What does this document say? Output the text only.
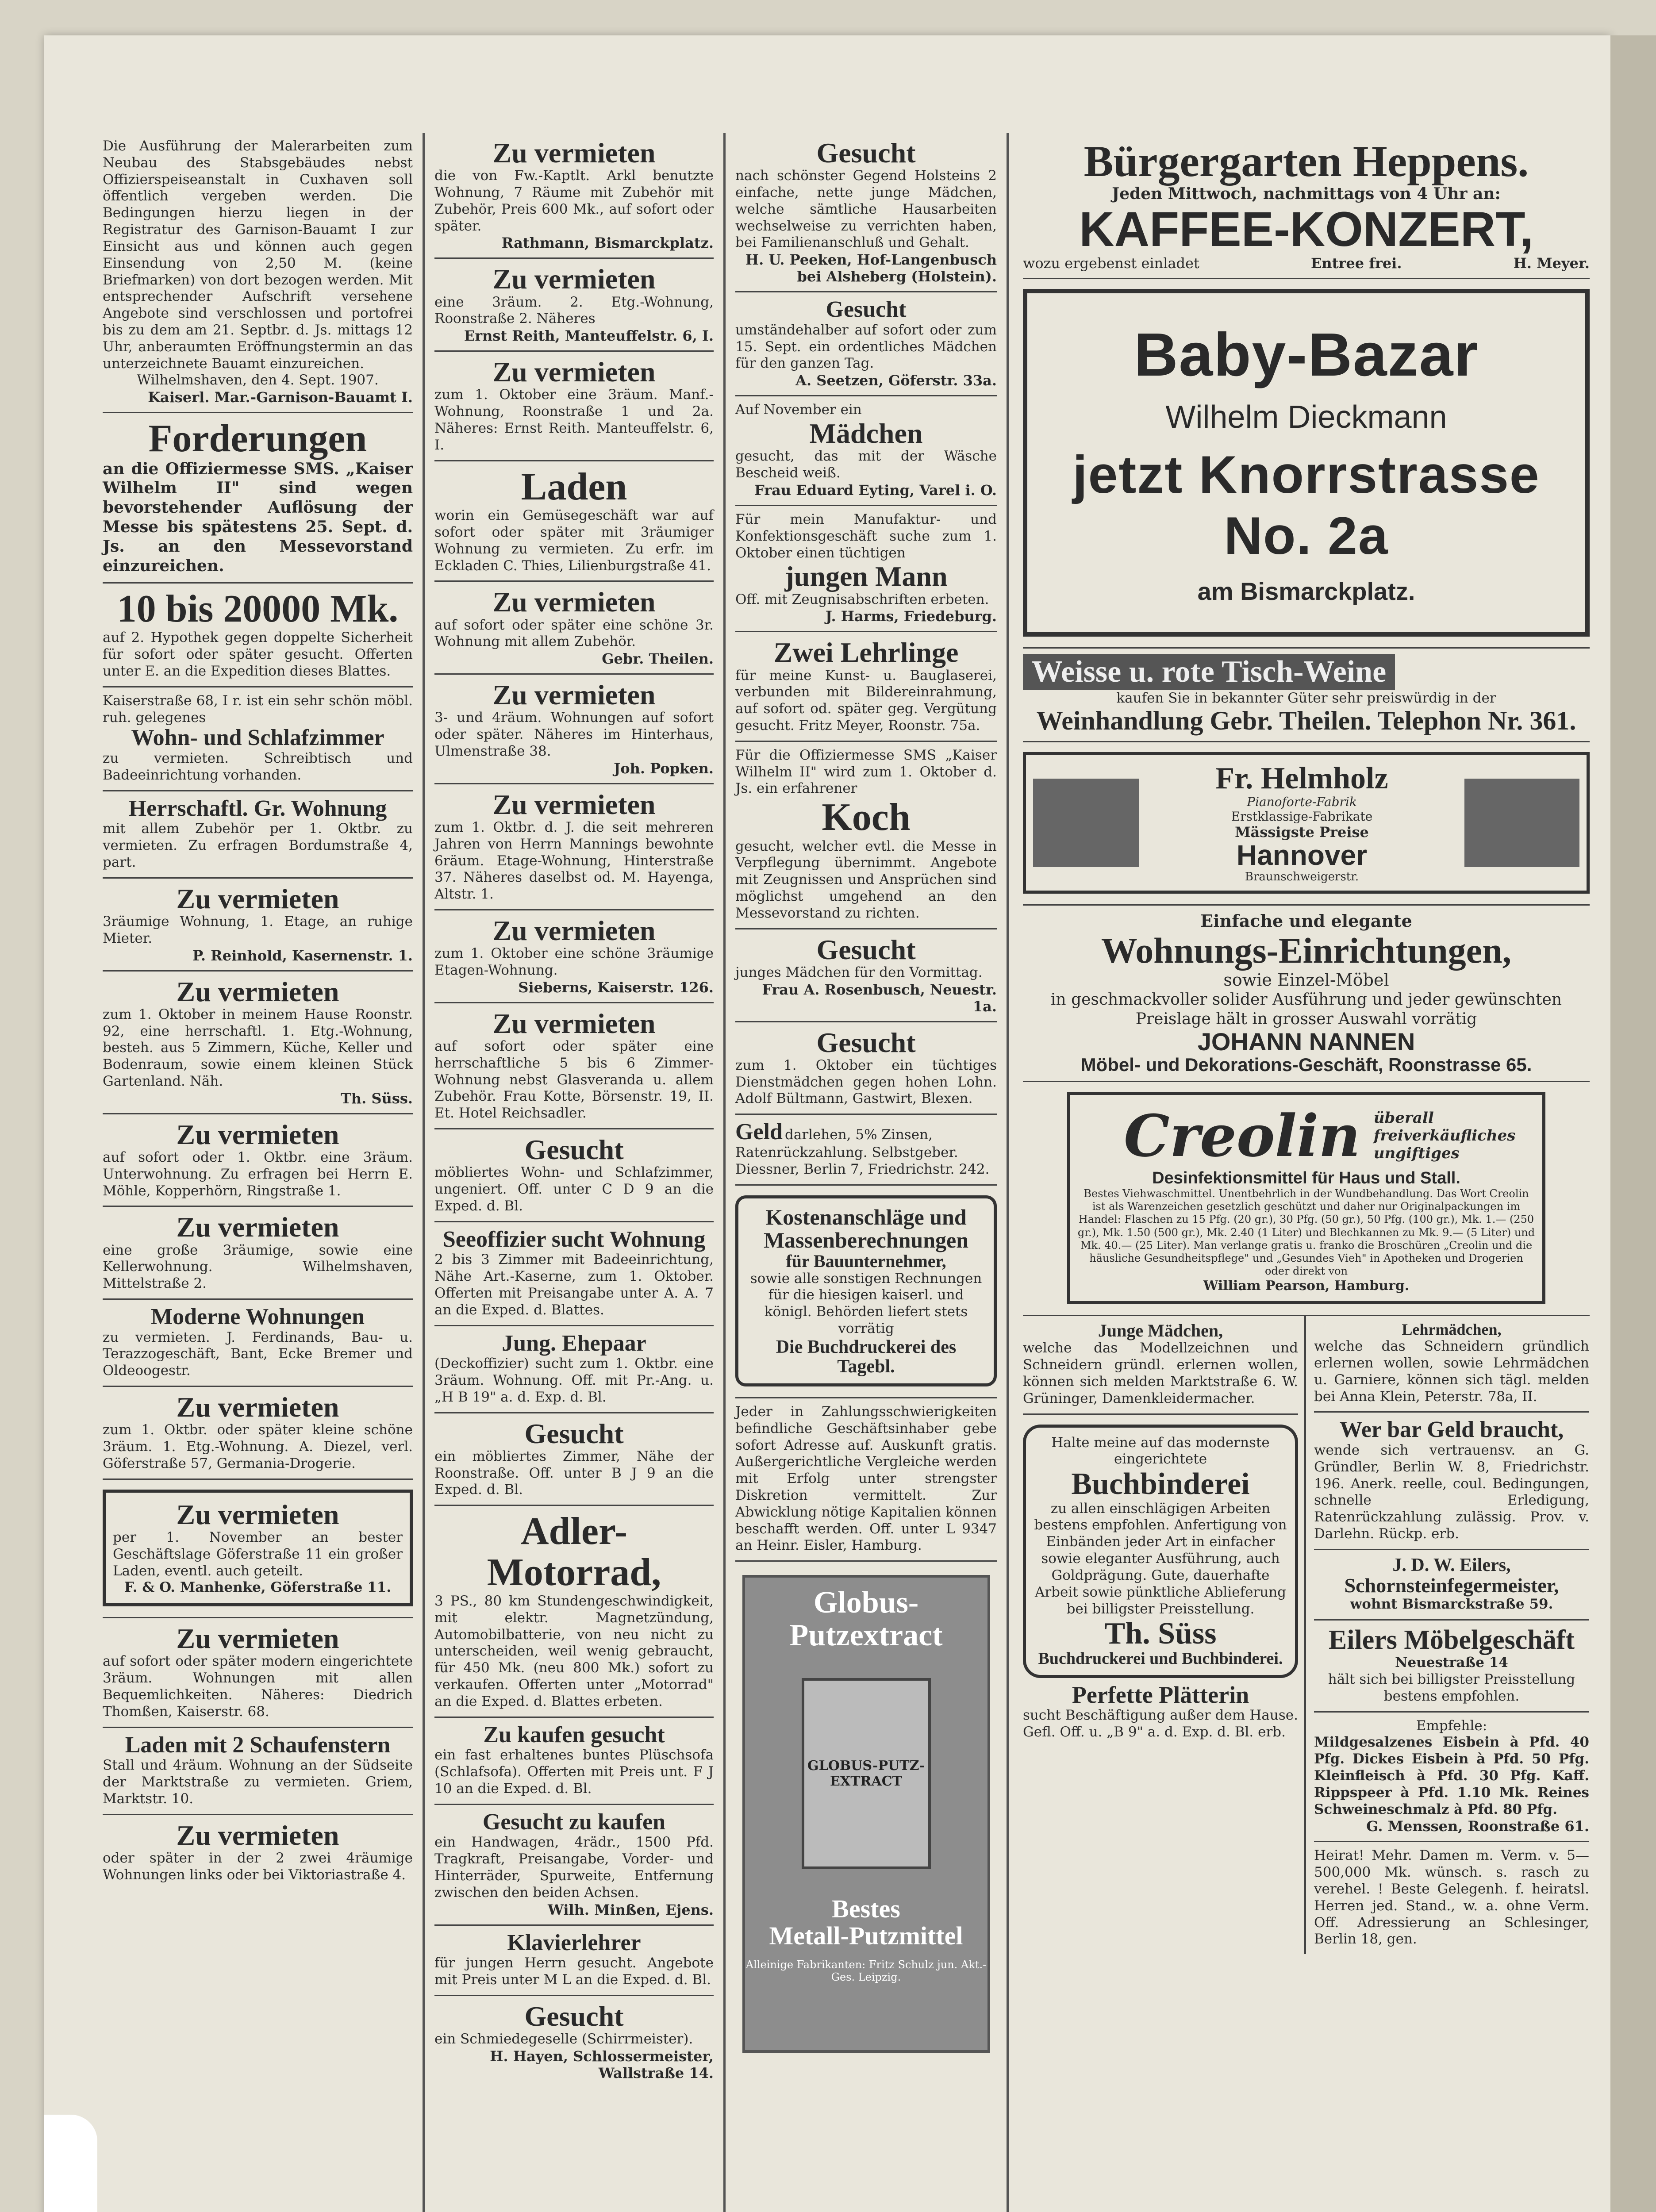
Die Ausführung der Malerarbeiten zum Neubau des Stabsgebäudes nebst Offizierspeiseanstalt in Cuxhaven soll öffentlich vergeben werden. Die Bedingungen hierzu liegen in der Registratur des Garnison-Bauamt I zur Einsicht aus und können auch gegen Einsendung von 2,50 M. (keine Briefmarken) von dort bezogen werden. Mit entsprechender Aufschrift versehene Angebote sind verschlossen und portofrei bis zu dem am 21. Septbr. d. Js. mittags 12 Uhr, anberaumten Eröffnungstermin an das unterzeichnete Bauamt einzureichen.
Wilhelmshaven, den 4. Sept. 1907.
Kaiserl. Mar.-Garnison-Bauamt I.
Forderungen
an die Offiziermesse SMS. „Kaiser Wilhelm II" sind wegen bevorstehender Auflösung der Messe bis spätestens 25. Sept. d. Js. an den Messevorstand einzureichen.
10 bis 20000 Mk.
auf 2. Hypothek gegen doppelte Sicherheit für sofort oder später gesucht. Offerten unter E. an die Expedition dieses Blattes.
Kaiserstraße 68, I r. ist ein sehr schön möbl. ruh. gelegenes
Wohn- und Schlafzimmer
zu vermieten. Schreibtisch und Badeeinrichtung vorhanden.
Herrschaftl. Gr. Wohnung
mit allem Zubehör per 1. Oktbr. zu vermieten. Zu erfragen Bordumstraße 4, part.
Zu vermieten
3räumige Wohnung, 1. Etage, an ruhige Mieter.
P. Reinhold, Kasernenstr. 1.
Zu vermieten
zum 1. Oktober in meinem Hause Roonstr. 92, eine herrschaftl. 1. Etg.-Wohnung, besteh. aus 5 Zimmern, Küche, Keller und Bodenraum, sowie einem kleinen Stück Gartenland. Näh.
Th. Süss.
Zu vermieten
auf sofort oder 1. Oktbr. eine 3räum. Unterwohnung. Zu erfragen bei Herrn E. Möhle, Kopperhörn, Ringstraße 1.
Zu vermieten
eine große 3räumige, sowie eine Kellerwohnung. Wilhelmshaven, Mittelstraße 2.
Moderne Wohnungen
zu vermieten. J. Ferdinands, Bau- u. Terazzogeschäft, Bant, Ecke Bremer und Oldeoogestr.
Zu vermieten
zum 1. Oktbr. oder später kleine schöne 3räum. 1. Etg.-Wohnung. A. Diezel, verl. Göferstraße 57, Germania-Drogerie.
Zu vermieten
per 1. November an bester Geschäftslage Göferstraße 11 ein großer Laden, eventl. auch geteilt.
F. & O. Manhenke, Göferstraße 11.
Zu vermieten
auf sofort oder später modern eingerichtete 3räum. Wohnungen mit allen Bequemlichkeiten. Näheres: Diedrich Thomßen, Kaiserstr. 68.
Laden mit 2 Schaufenstern
Stall und 4räum. Wohnung an der Südseite der Marktstraße zu vermieten. Griem, Marktstr. 10.
Zu vermieten
oder später in der 2 zwei 4räumige Wohnungen links oder bei Viktoriastraße 4.
Zu vermieten
die von Fw.-Kaptlt. Arkl benutzte Wohnung, 7 Räume mit Zubehör mit Zubehör, Preis 600 Mk., auf sofort oder später.
Rathmann, Bismarckplatz.
Zu vermieten
eine 3räum. 2. Etg.-Wohnung, Roonstraße 2. Näheres
Ernst Reith, Manteuffelstr. 6, I.
Zu vermieten
zum 1. Oktober eine 3räum. Manf.-Wohnung, Roonstraße 1 und 2a. Näheres: Ernst Reith. Manteuffelstr. 6, I.
Laden
worin ein Gemüsegeschäft war auf sofort oder später mit 3räumiger Wohnung zu vermieten. Zu erfr. im Eckladen C. Thies, Lilienburgstraße 41.
Zu vermieten
auf sofort oder später eine schöne 3r. Wohnung mit allem Zubehör.
Gebr. Theilen.
Zu vermieten
3- und 4räum. Wohnungen auf sofort oder später. Näheres im Hinterhaus, Ulmenstraße 38.
Joh. Popken.
Zu vermieten
zum 1. Oktbr. d. J. die seit mehreren Jahren von Herrn Mannings bewohnte 6räum. Etage-Wohnung, Hinterstraße 37. Näheres daselbst od. M. Hayenga, Altstr. 1.
Zu vermieten
zum 1. Oktober eine schöne 3räumige Etagen-Wohnung.
Sieberns, Kaiserstr. 126.
Zu vermieten
auf sofort oder später eine herrschaftliche 5 bis 6 Zimmer-Wohnung nebst Glasveranda u. allem Zubehör. Frau Kotte, Börsenstr. 19, II. Et. Hotel Reichsadler.
Gesucht
möbliertes Wohn- und Schlafzimmer, ungeniert. Off. unter C D 9 an die Exped. d. Bl.
Seeoffizier sucht Wohnung
2 bis 3 Zimmer mit Badeeinrichtung, Nähe Art.-Kaserne, zum 1. Oktober. Offerten mit Preisangabe unter A. A. 7 an die Exped. d. Blattes.
Jung. Ehepaar
(Deckoffizier) sucht zum 1. Oktbr. eine 3räum. Wohnung. Off. mit Pr.-Ang. u. „H B 19" a. d. Exp. d. Bl.
Gesucht
ein möbliertes Zimmer, Nähe der Roonstraße. Off. unter B J 9 an die Exped. d. Bl.
Adler-Motorrad,
3 PS., 80 km Stundengeschwindigkeit, mit elektr. Magnetzündung, Automobilbatterie, von neu nicht zu unterscheiden, weil wenig gebraucht, für 450 Mk. (neu 800 Mk.) sofort zu verkaufen. Offerten unter „Motorrad" an die Exped. d. Blattes erbeten.
Zu kaufen gesucht
ein fast erhaltenes buntes Plüschsofa (Schlafsofa). Offerten mit Preis unt. F J 10 an die Exped. d. Bl.
Gesucht zu kaufen
ein Handwagen, 4rädr., 1500 Pfd. Tragkraft, Preisangabe, Vorder- und Hinterräder, Spurweite, Entfernung zwischen den beiden Achsen.
Wilh. Minßen, Ejens.
Klavierlehrer
für jungen Herrn gesucht. Angebote mit Preis unter M L an die Exped. d. Bl.
Gesucht
ein Schmiedegeselle (Schirrmeister).
H. Hayen, Schlossermeister, Wallstraße 14.
Gesucht
nach schönster Gegend Holsteins 2 einfache, nette junge Mädchen, welche sämtliche Hausarbeiten wechselweise zu verrichten haben, bei Familienanschluß und Gehalt.
H. U. Peeken, Hof-Langenbusch bei Alsheberg (Holstein).
Gesucht
umständehalber auf sofort oder zum 15. Sept. ein ordentliches Mädchen für den ganzen Tag.
A. Seetzen, Göferstr. 33a.
Auf November ein
Mädchen
gesucht, das mit der Wäsche Bescheid weiß.
Frau Eduard Eyting, Varel i. O.
Für mein Manufaktur- und Konfektionsgeschäft suche zum 1. Oktober einen tüchtigen
jungen Mann
Off. mit Zeugnisabschriften erbeten.
J. Harms, Friedeburg.
Zwei Lehrlinge
für meine Kunst- u. Bauglaserei, verbunden mit Bildereinrahmung, auf sofort od. später geg. Vergütung gesucht. Fritz Meyer, Roonstr. 75a.
Für die Offiziermesse SMS „Kaiser Wilhelm II" wird zum 1. Oktober d. Js. ein erfahrener
Koch
gesucht, welcher evtl. die Messe in Verpflegung übernimmt. Angebote mit Zeugnissen und Ansprüchen sind möglichst umgehend an den Messevorstand zu richten.
Gesucht
junges Mädchen für den Vormittag.
Frau A. Rosenbusch, Neuestr. 1a.
Gesucht
zum 1. Oktober ein tüchtiges Dienstmädchen gegen hohen Lohn. Adolf Bültmann, Gastwirt, Blexen.
Geld darlehen, 5% Zinsen, Ratenrückzahlung. Selbstgeber. Diessner, Berlin 7, Friedrichstr. 242.
Kostenanschläge und
Massenberechnungen
für Bauunternehmer,
sowie alle sonstigen Rechnungen für die hiesigen kaiserl. und königl. Behörden liefert stets vorrätig
Die Buchdruckerei des Tagebl.
Jeder in Zahlungsschwierigkeiten befindliche Geschäftsinhaber gebe sofort Adresse auf. Auskunft gratis. Außergerichtliche Vergleiche werden mit Erfolg unter strengster Diskretion vermittelt. Zur Abwicklung nötige Kapitalien können beschafft werden. Off. unter L 9347 an Heinr. Eisler, Hamburg.
Globus-Putzextract
GLOBUS-PUTZ-EXTRACT
Bestes
Metall-Putzmittel
Alleinige Fabrikanten: Fritz Schulz jun. Akt.-Ges. Leipzig.
Bürgergarten Heppens.
Jeden Mittwoch, nachmittags von 4 Uhr an:
KAFFEE-KONZERT,
wozu ergebenst einladet	Entree frei.	H. Meyer.
Baby-Bazar
Wilhelm Dieckmann
jetzt Knorrstrasse No. 2a
am Bismarckplatz.
Weisse u. rote Tisch-Weine
kaufen Sie in bekannter Güter sehr preiswürdig in der
Weinhandlung Gebr. Theilen. Telephon Nr. 361.
Fr. Helmholz
Pianoforte-Fabrik
Erstklassige-Fabrikate
Mässigste Preise
Hannover
Braunschweigerstr.
Einfache und elegante
Wohnungs-Einrichtungen,
sowie Einzel-Möbel
in geschmackvoller solider Ausführung und jeder gewünschten Preislage hält in grosser Auswahl vorrätig
JOHANN NANNEN
Möbel- und Dekorations-Geschäft, Roonstrasse 65.
Creolin überall freiverkäufliches ungiftiges
Desinfektionsmittel für Haus und Stall.
Bestes Viehwaschmittel. Unentbehrlich in der Wundbehandlung. Das Wort Creolin ist als Warenzeichen gesetzlich geschützt und daher nur Originalpackungen im Handel: Flaschen zu 15 Pfg. (20 gr.), 30 Pfg. (50 gr.), 50 Pfg. (100 gr.), Mk. 1.— (250 gr.), Mk. 1.50 (500 gr.), Mk. 2.40 (1 Liter) und Blechkannen zu Mk. 9.— (5 Liter) und Mk. 40.— (25 Liter). Man verlange gratis u. franko die Broschüren „Creolin und die häusliche Gesundheitspflege" und „Gesundes Vieh" in Apotheken und Drogerien oder direkt von
William Pearson, Hamburg.
Junge Mädchen,
welche das Modellzeichnen und Schneidern gründl. erlernen wollen, können sich melden Marktstraße 6. W. Grüninger, Damenkleidermacher.
Halte meine auf das modernste eingerichtete
Buchbinderei
zu allen einschlägigen Arbeiten bestens empfohlen. Anfertigung von Einbänden jeder Art in einfacher sowie eleganter Ausführung, auch Goldprägung. Gute, dauerhafte Arbeit sowie pünktliche Ablieferung bei billigster Preisstellung.
Th. Süss
Buchdruckerei und Buchbinderei.
Perfette Plätterin
sucht Beschäftigung außer dem Hause. Gefl. Off. u. „B 9" a. d. Exp. d. Bl. erb.
Lehrmädchen,
welche das Schneidern gründlich erlernen wollen, sowie Lehrmädchen u. Garniere, können sich tägl. melden bei Anna Klein, Peterstr. 78a, II.
Wer bar Geld braucht,
wende sich vertrauensv. an G. Gründler, Berlin W. 8, Friedrichstr. 196. Anerk. reelle, coul. Bedingungen, schnelle Erledigung, Ratenrückzahlung zulässig. Prov. v. Darlehn. Rückp. erb.
J. D. W. Eilers,
Schornsteinfegermeister,
wohnt Bismarckstraße 59.
Eilers Möbelgeschäft
Neuestraße 14
hält sich bei billigster Preisstellung bestens empfohlen.
Empfehle:
Mildgesalzenes Eisbein à Pfd. 40 Pfg. Dickes Eisbein à Pfd. 50 Pfg. Kleinfleisch à Pfd. 30 Pfg. Kaff. Rippspeer à Pfd. 1.10 Mk. Reines Schweineschmalz à Pfd. 80 Pfg.
G. Menssen, Roonstraße 61.
Heirat! Mehr. Damen m. Verm. v. 5—500,000 Mk. wünsch. s. rasch zu verehel. ! Beste Gelegenh. f. heiratsl. Herren jed. Stand., w. a. ohne Verm. Off. Adressierung an Schlesinger, Berlin 18, gen.
